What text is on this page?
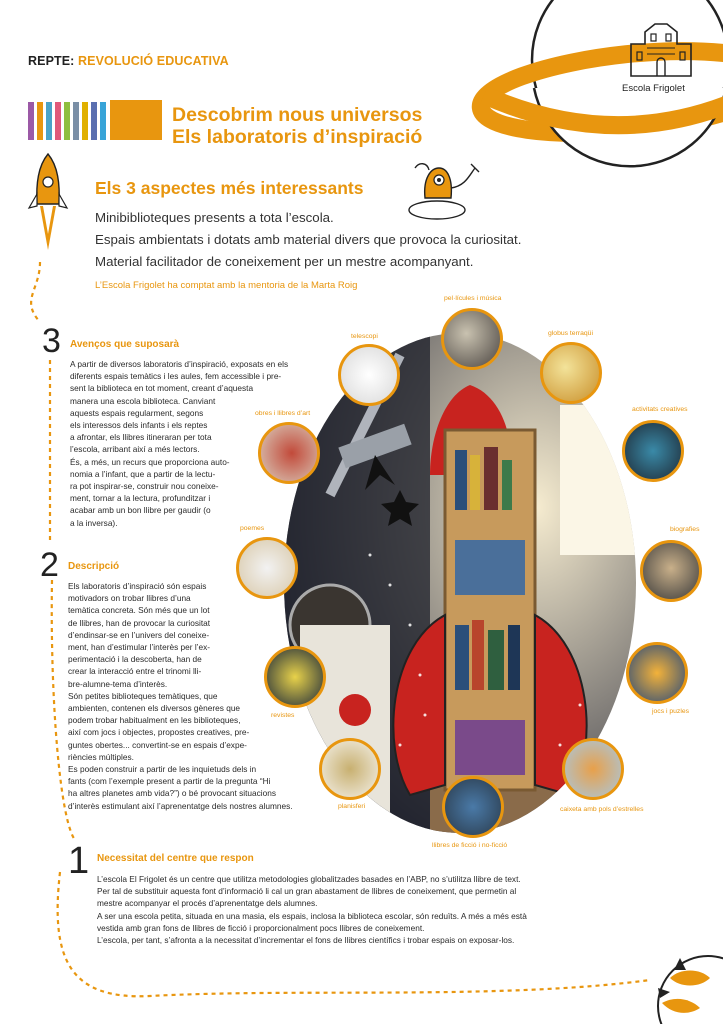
Escola Frigolet
REPTE: REVOLUCIÓ EDUCATIVA
Descobrim nous universos
Els laboratoris d’inspiració
Els 3 aspectes més interessants
Minibiblioteques presents a tota l’escola.
Espais ambientats i dotats amb material divers que provoca la curiositat.
Material facilitador de coneixement per un mestre acompanyant.
L’Escola Frigolet ha comptat amb la mentoria de la Marta Roig
3 Avenços que suposarà
A partir de diversos laboratoris d’inspiració, exposats en els
diferents espais temàtics i les aules, fem accessible i pre-
sent la biblioteca en tot moment, creant d’aquesta
manera una escola biblioteca. Canviant
aquests espais regularment, segons
els interessos dels infants i els reptes
a afrontar, els llibres itineraran per tota
l’escola, arribant així a més lectors.
És, a més, un recurs que proporciona auto-
nomia a l’infant, que a partir de la lectu-
ra pot inspirar-se, construir nou coneixe-
ment, tornar a la lectura, profunditzar i
acabar amb un bon llibre per gaudir (o
a la inversa).
2 Descripció
Els laboratoris d’inspiració són espais
motivadors on trobar llibres d’una
temàtica concreta. Són més que un lot
de llibres, han de provocar la curiositat
d’endinsar-se en l’univers del coneixe-
ment, han d’estimular l’interès per l’ex-
perimentació i la descoberta, han de
crear la interacció entre el trinomi lli-
bre-alumne-tema d’interès.
Són petites biblioteques temàtiques, que
ambienten, contenen els diversos gèneres que
podem trobar habitualment en les biblioteques,
així com jocs i objectes, propostes creatives, pre-
guntes obertes... convertint-se en espais d’expe-
riències múltiples.
Es poden construir a partir de les inquietuds dels in
fants (com l’exemple present a partir de la pregunta “Hi
ha altres planetes amb vida?”) o bé provocant situacions
d’interès estimulant així l’aprenentatge dels nostres alumnes.
1 Necessitat del centre que respon
L’escola El Frigolet és un centre que utilitza metodologies globalitzades basades en l’ABP, no s’utilitza llibre de text.
Per tal de substituir aquesta font d’informació li cal un gran abastament de llibres de coneixement, que permetin al
mestre acompanyar el procés d’aprenentatge dels alumnes.
A ser una escola petita, situada en una masia, els espais, inclosa la biblioteca escolar, són reduïts. A més a més està
vestida amb gran fons de llibres de ficció i proporcionalment pocs llibres de coneixement.
L’escola, per tant, s’afronta a la necessitat d’incrementar el fons de llibres científics i trobar espais on exposar-los.
pel·lícules i música
globus terraqüi
telescopi
activitats creatives
obres i llibres d’art
biografies
poemes
jocs i puzles
revistes
planisferi	caixeta amb pols d’estrelles
llibres de ficció i no-ficció
